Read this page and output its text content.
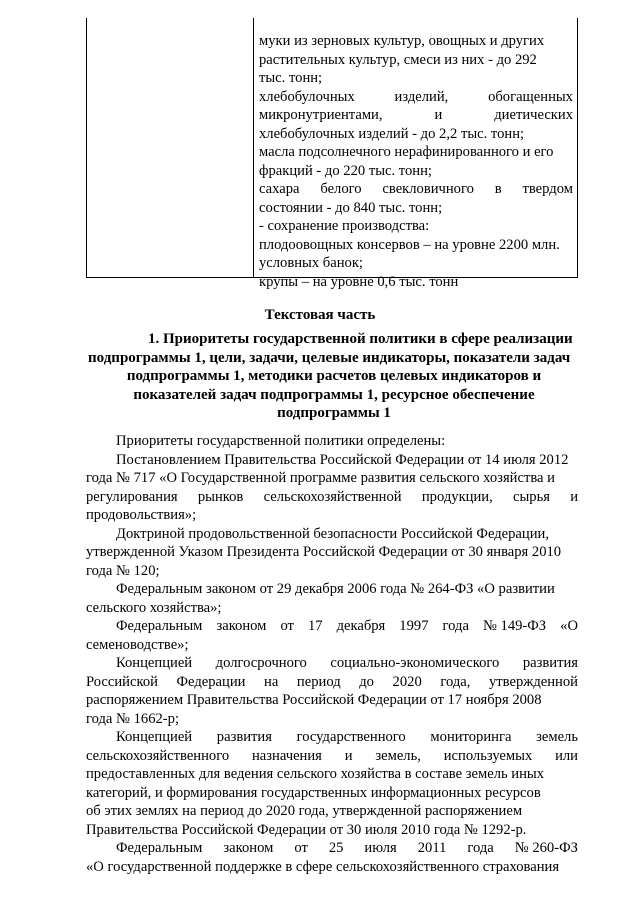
муки из зерновых культур, овощных и других
растительных культур, смеси из них - до 292
тыс. тонн;
хлебобулочных	изделий,	обогащенных
микронутриентами,	и	диетических
хлебобулочных изделий - до 2,2 тыс. тонн;
масла подсолнечного нерафинированного и его
фракций - до 220 тыс. тонн;
сахара белого свекловичного в твердом
состоянии - до 840 тыс. тонн;
- сохранение производства:
плодоовощных консервов – на уровне 2200 млн.
условных банок;
крупы – на уровне 0,6 тыс. тонн
Текстовая часть
1. Приоритеты государственной политики в сфере реализации
подпрограммы 1, цели, задачи, целевые индикаторы, показатели задач
подпрограммы 1, методики расчетов целевых индикаторов и
показателей задач подпрограммы 1, ресурсное обеспечение
подпрограммы 1
Приоритеты государственной политики определены:
Постановлением Правительства Российской Федерации от 14 июля 2012
года № 717 «О Государственной программе развития сельского хозяйства и
регулирования рынков сельскохозяйственной продукции, сырья и
продовольствия»;
Доктриной продовольственной безопасности Российской Федерации,
утвержденной Указом Президента Российской Федерации от 30 января 2010
года № 120;
Федеральным законом от 29 декабря 2006 года № 264-ФЗ «О развитии
сельского хозяйства»;
Федеральным законом от 17 декабря 1997 года № 149-ФЗ «О
семеноводстве»;
Концепцией долгосрочного социально-экономического развития
Российской Федерации на период до 2020 года, утвержденной
распоряжением Правительства Российской Федерации от 17 ноября 2008
года № 1662-р;
Концепцией развития государственного мониторинга земель
сельскохозяйственного назначения и земель, используемых или
предоставленных для ведения сельского хозяйства в составе земель иных
категорий, и формирования государственных информационных ресурсов
об этих землях на период до 2020 года, утвержденной распоряжением
Правительства Российской Федерации от 30 июля 2010 года № 1292-р.
Федеральным законом от 25 июля 2011 года № 260-ФЗ
«О государственной поддержке в сфере сельскохозяйственного страхования
